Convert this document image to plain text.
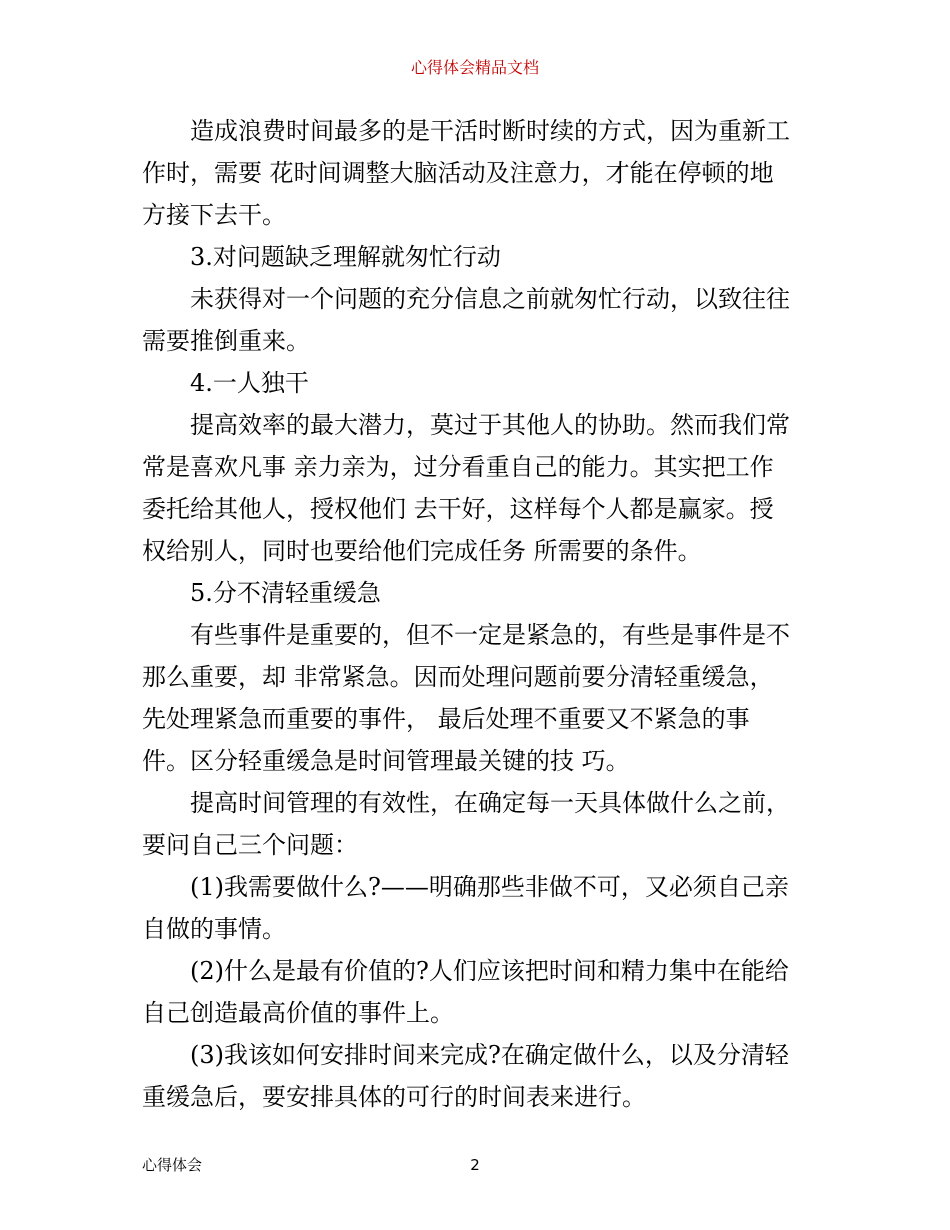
心得体会精品文档
造成浪费时间最多的是干活时断时续的方式，因为重新工
作时，需要 花时间调整大脑活动及注意力，才能在停顿的地
方接下去干。
3.对问题缺乏理解就匆忙行动
未获得对一个问题的充分信息之前就匆忙行动，以致往往
需要推倒重来。
4.一人独干
提高效率的最大潜力，莫过于其他人的协助。然而我们常
常是喜欢凡事 亲力亲为，过分看重自己的能力。其实把工作
委托给其他人，授权他们 去干好，这样每个人都是赢家。授
权给别人，同时也要给他们完成任务 所需要的条件。
5.分不清轻重缓急
有些事件是重要的，但不一定是紧急的，有些是事件是不
那么重要，却 非常紧急。因而处理问题前要分清轻重缓急，
先处理紧急而重要的事件， 最后处理不重要又不紧急的事
件。区分轻重缓急是时间管理最关键的技 巧。
提高时间管理的有效性，在确定每一天具体做什么之前，
要问自己三个问题：
(1)我需要做什么?——明确那些非做不可，又必须自己亲
自做的事情。
(2)什么是最有价值的?人们应该把时间和精力集中在能给
自己创造最高价值的事件上。
(3)我该如何安排时间来完成?在确定做什么，以及分清轻
重缓急后，要安排具体的可行的时间表来进行。
心得体会	2
